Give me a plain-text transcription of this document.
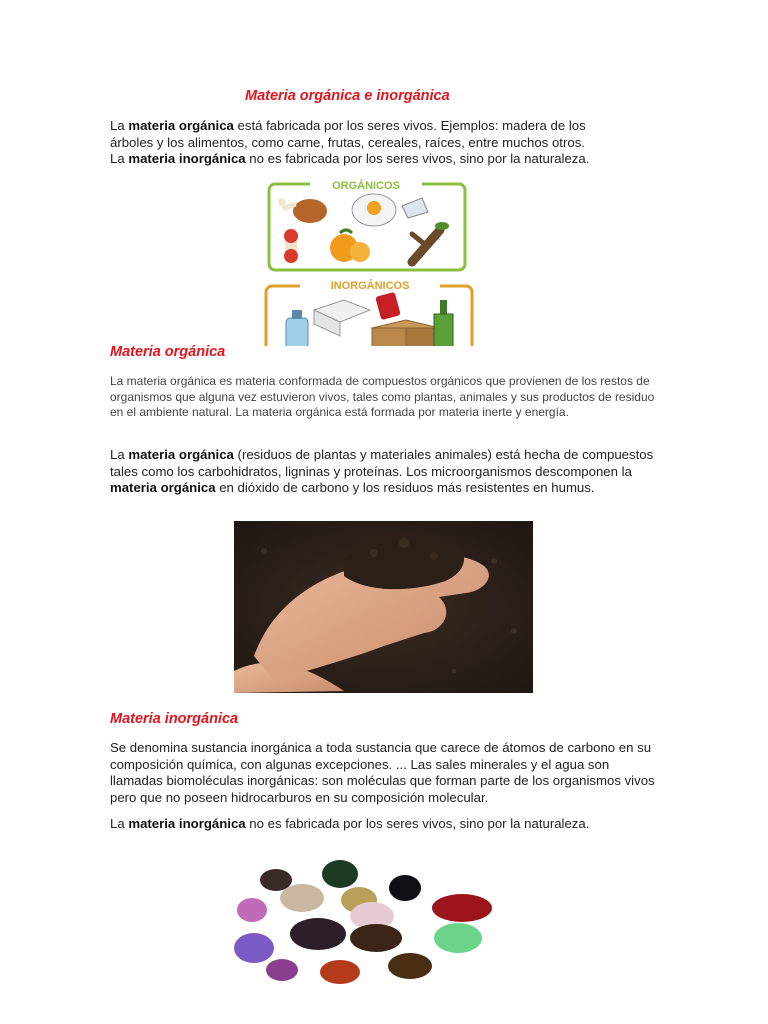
Materia orgánica e inorgánica
La materia orgánica está fabricada por los seres vivos. Ejemplos: madera de los
árboles y los alimentos, como carne, frutas, cereales, raíces, entre muchos otros.
La materia inorgánica no es fabricada por los seres vivos, sino por la naturaleza.
ORGÁNICOS
INORGÁNICOS
Materia orgánica
La materia orgánica es materia conformada de compuestos orgánicos que provienen de los restos de organismos que alguna vez estuvieron vivos, tales como plantas, animales y sus productos de residuo en el ambiente natural. La materia orgánica está formada por materia inerte y energía.
La materia orgánica (residuos de plantas y materiales animales) está hecha de compuestos tales como los carbohidratos, ligninas y proteínas. Los microorganismos descomponen la materia orgánica en dióxido de carbono y los residuos más resistentes en humus.
Materia inorgánica
Se denomina sustancia inorgánica a toda sustancia que carece de átomos de carbono en su composición química, con algunas excepciones. ... Las sales minerales y el agua son llamadas biomoléculas inorgánicas: son moléculas que forman parte de los organismos vivos pero que no poseen hidrocarburos en su composición molecular.
La materia inorgánica no es fabricada por los seres vivos, sino por la naturaleza.
